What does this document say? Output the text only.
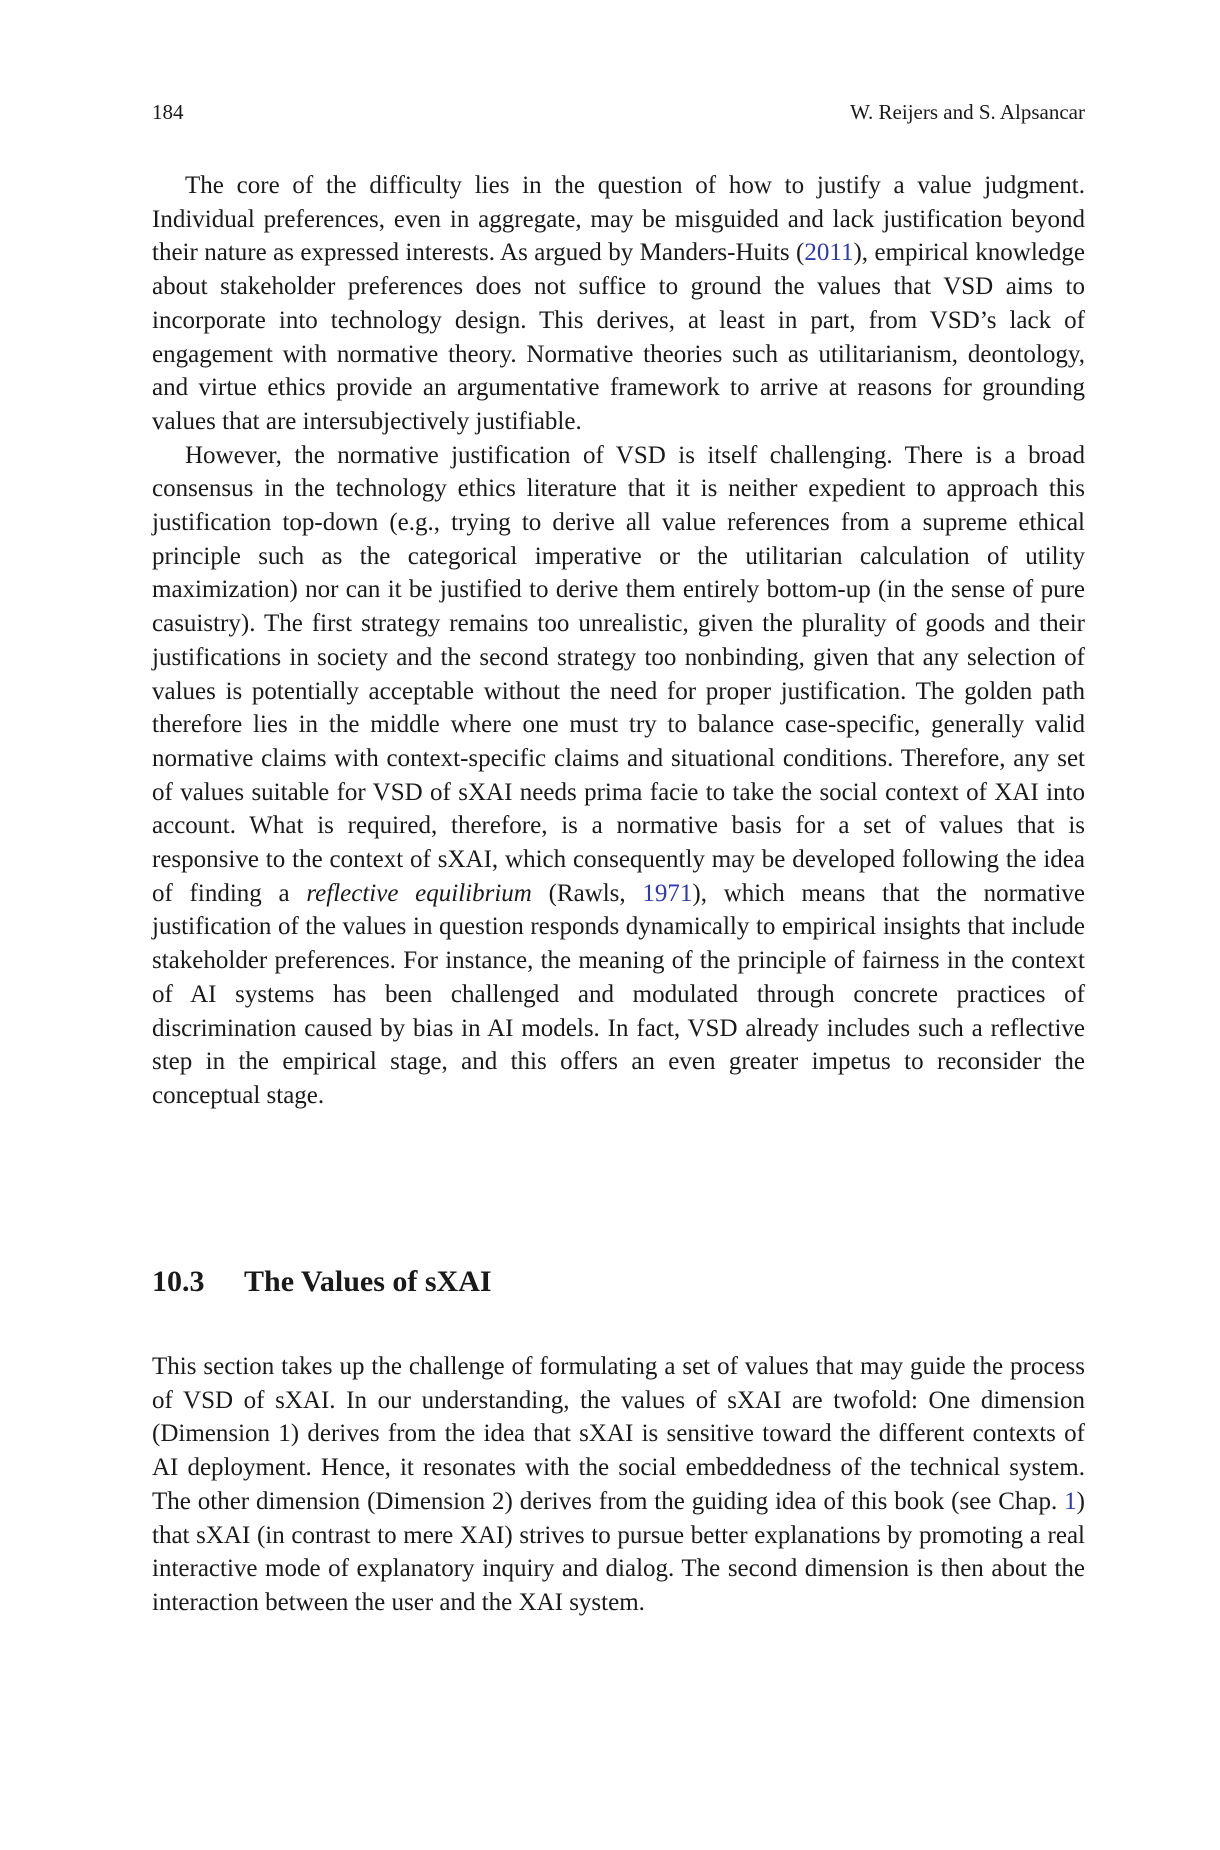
184	W. Reijers and S. Alpsancar

The core of the difficulty lies in the question of how to justify a value judgment. Individual preferences, even in aggregate, may be misguided and lack justification beyond their nature as expressed interests. As argued by Manders-Huits (2011), empirical knowledge about stakeholder preferences does not suffice to ground the values that VSD aims to incorporate into technology design. This derives, at least in part, from VSD’s lack of engagement with normative theory. Normative theories such as utilitarianism, deontology, and virtue ethics provide an argumentative framework to arrive at reasons for grounding values that are intersubjectively justifiable.

However, the normative justification of VSD is itself challenging. There is a broad consensus in the technology ethics literature that it is neither expedient to approach this justification top-down (e.g., trying to derive all value references from a supreme ethical principle such as the categorical imperative or the utilitarian calculation of utility maximization) nor can it be justified to derive them entirely bottom-up (in the sense of pure casuistry). The first strategy remains too unrealistic, given the plurality of goods and their justifications in society and the second strategy too nonbinding, given that any selection of values is potentially acceptable without the need for proper justification. The golden path therefore lies in the middle where one must try to balance case-specific, generally valid normative claims with context-specific claims and situational conditions. Therefore, any set of values suitable for VSD of sXAI needs prima facie to take the social context of XAI into account. What is required, therefore, is a normative basis for a set of values that is responsive to the context of sXAI, which consequently may be developed following the idea of finding a reflective equilibrium (Rawls, 1971), which means that the normative justification of the values in question responds dynamically to empirical insights that include stakeholder preferences. For instance, the meaning of the principle of fairness in the context of AI systems has been challenged and modulated through concrete practices of discrimination caused by bias in AI models. In fact, VSD already includes such a reflective step in the empirical stage, and this offers an even greater impetus to reconsider the conceptual stage.

10.3 The Values of sXAI

This section takes up the challenge of formulating a set of values that may guide the process of VSD of sXAI. In our understanding, the values of sXAI are twofold: One dimension (Dimension 1) derives from the idea that sXAI is sensitive toward the different contexts of AI deployment. Hence, it resonates with the social embeddedness of the technical system. The other dimension (Dimension 2) derives from the guiding idea of this book (see Chap. 1) that sXAI (in contrast to mere XAI) strives to pursue better explanations by promoting a real interactive mode of explanatory inquiry and dialog. The second dimension is then about the interaction between the user and the XAI system.
